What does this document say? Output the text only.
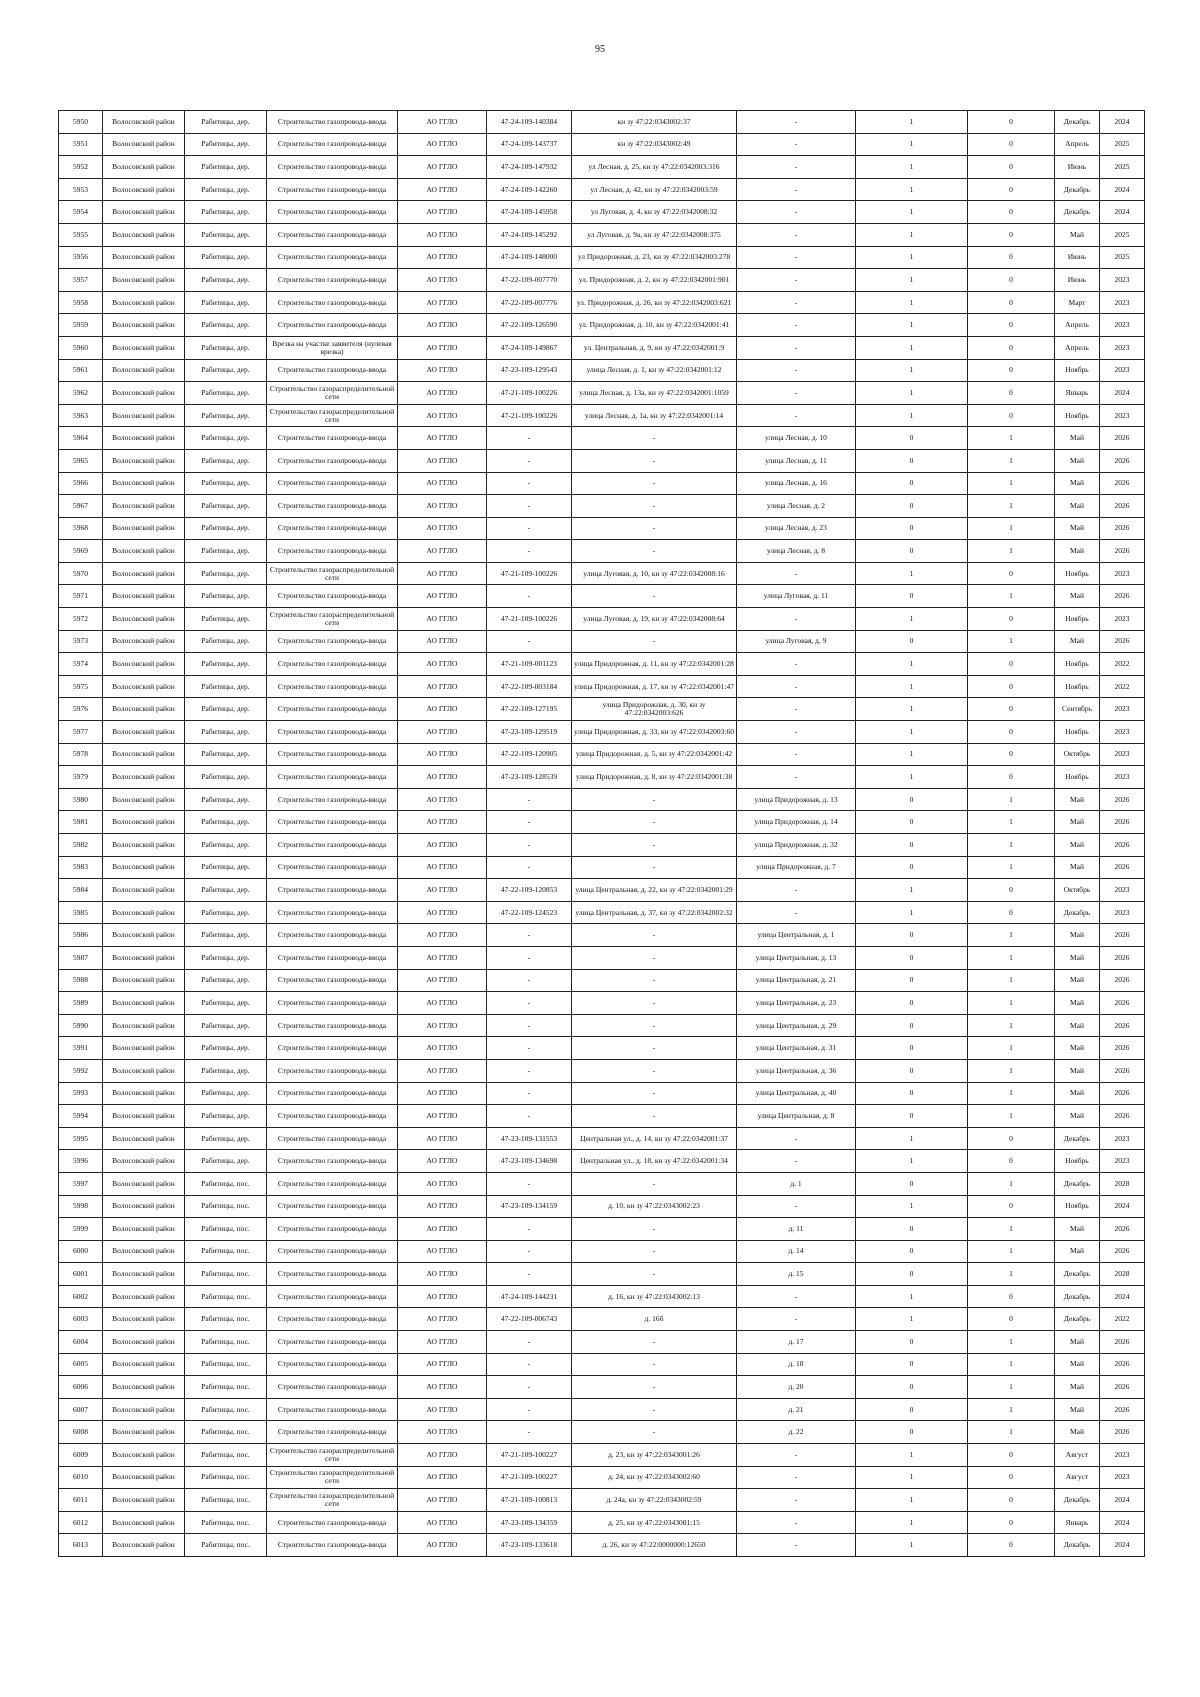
95
5950	Волосовский район	Рабитицы, дер.	Строительство газопровода-ввода	АО ГГЛО	47-24-109-140384	кн зу 47:22:0343002:37	-	1	0	Декабрь	2024
5951	Волосовский район	Рабитицы, дер.	Строительство газопровода-ввода	АО ГГЛО	47-24-109-143737	кн зу 47:22:0343002:49	-	1	0	Апрель	2025
5952	Волосовский район	Рабитицы, дер.	Строительство газопровода-ввода	АО ГГЛО	47-24-109-147932	ул Лесная, д. 25, кн зу 47:22:0342003:316	-	1	0	Июнь	2025
5953	Волосовский район	Рабитицы, дер.	Строительство газопровода-ввода	АО ГГЛО	47-24-109-142260	ул Лесная, д. 42, кн зу 47:22:0342003:59	-	1	0	Декабрь	2024
5954	Волосовский район	Рабитицы, дер.	Строительство газопровода-ввода	АО ГГЛО	47-24-109-145958	ул Луговая, д. 4, кн зу 47:22:0342008:32	-	1	0	Декабрь	2024
5955	Волосовский район	Рабитицы, дер.	Строительство газопровода-ввода	АО ГГЛО	47-24-109-145292	ул Луговая, д. 9а, кн зу 47:22:0342008:375	-	1	0	Май	2025
5956	Волосовский район	Рабитицы, дер.	Строительство газопровода-ввода	АО ГГЛО	47-24-109-148000	ул Придорожная, д. 23, кн зу 47:22:0342003:278	-	1	0	Июнь	2025
5957	Волосовский район	Рабитицы, дер.	Строительство газопровода-ввода	АО ГГЛО	47-22-109-007770	ул. Придорожная, д. 2, кн зу 47:22:0342001:901	-	1	0	Июнь	2023
5958	Волосовский район	Рабитицы, дер.	Строительство газопровода-ввода	АО ГГЛО	47-22-109-007776	ул. Придорожная, д. 26, кн зу 47:22:0342003:621	-	1	0	Март	2023
5959	Волосовский район	Рабитицы, дер.	Строительство газопровода-ввода	АО ГГЛО	47-22-109-126590	ул. Придорожная, д. 10, кн зу 47:22:0342001:41	-	1	0	Апрель	2023
5960	Волосовский район	Рабитицы, дер.	Врезка на участке заявителя (нулевая врезка)	АО ГГЛО	47-24-109-149867	ул. Центральная, д. 9, кн зу 47:22:0342001:9	-	1	0	Апрель	2023
5961	Волосовский район	Рабитицы, дер.	Строительство газопровода-ввода	АО ГГЛО	47-23-109-129543	улица Лесная, д. 1, кн зу 47:22:0342001:12	-	1	0	Ноябрь	2023
5962	Волосовский район	Рабитицы, дер.	Строительство газораспределительной сети	АО ГГЛО	47-21-109-100226	улица Лесная, д. 13а, кн зу 47:22:0342001:1059	-	1	0	Январь	2024
5963	Волосовский район	Рабитицы, дер.	Строительство газораспределительной сети	АО ГГЛО	47-21-109-100226	улица Лесная, д. 1а, кн зу 47:22:0342001:14	-	1	0	Ноябрь	2023
5964	Волосовский район	Рабитицы, дер.	Строительство газопровода-ввода	АО ГГЛО	-	-	улица Лесная, д. 10	0	1	Май	2026
5965	Волосовский район	Рабитицы, дер.	Строительство газопровода-ввода	АО ГГЛО	-	-	улица Лесная, д. 11	0	1	Май	2026
5966	Волосовский район	Рабитицы, дер.	Строительство газопровода-ввода	АО ГГЛО	-	-	улица Лесная, д. 16	0	1	Май	2026
5967	Волосовский район	Рабитицы, дер.	Строительство газопровода-ввода	АО ГГЛО	-	-	улица Лесная, д. 2	0	1	Май	2026
5968	Волосовский район	Рабитицы, дер.	Строительство газопровода-ввода	АО ГГЛО	-	-	улица Лесная, д. 23	0	1	Май	2026
5969	Волосовский район	Рабитицы, дер.	Строительство газопровода-ввода	АО ГГЛО	-	-	улица Лесная, д. 8	0	1	Май	2026
5970	Волосовский район	Рабитицы, дер.	Строительство газораспределительной сети	АО ГГЛО	47-21-109-100226	улица Луговая, д. 10, кн зу 47:22:0342008:16	-	1	0	Ноябрь	2023
5971	Волосовский район	Рабитицы, дер.	Строительство газопровода-ввода	АО ГГЛО	-	-	улица Луговая, д. 11	0	1	Май	2026
5972	Волосовский район	Рабитицы, дер.	Строительство газораспределительной сети	АО ГГЛО	47-21-109-100226	улица Луговая, д. 19, кн зу 47:22:0342008:64	-	1	0	Ноябрь	2023
5973	Волосовский район	Рабитицы, дер.	Строительство газопровода-ввода	АО ГГЛО	-	-	улица Луговая, д. 9	0	1	Май	2026
5974	Волосовский район	Рабитицы, дер.	Строительство газопровода-ввода	АО ГГЛО	47-21-109-001123	улица Придорожная, д. 11, кн зу 47:22:0342001:28	-	1	0	Ноябрь	2022
5975	Волосовский район	Рабитицы, дер.	Строительство газопровода-ввода	АО ГГЛО	47-22-109-003184	улица Придорожная, д. 17, кн зу 47:22:0342001:47	-	1	0	Ноябрь	2022
5976	Волосовский район	Рабитицы, дер.	Строительство газопровода-ввода	АО ГГЛО	47-22-109-127195	улица Придорожная, д. 30, кн зу 47:22:0342003:626	-	1	0	Сентябрь	2023
5977	Волосовский район	Рабитицы, дер.	Строительство газопровода-ввода	АО ГГЛО	47-23-109-129519	улица Придорожная, д. 33, кн зу 47:22:0342003:60	-	1	0	Ноябрь	2023
5978	Волосовский район	Рабитицы, дер.	Строительство газопровода-ввода	АО ГГЛО	47-22-109-120905	улица Придорожная, д. 5, кн зу 47:22:0342001:42	-	1	0	Октябрь	2023
5979	Волосовский район	Рабитицы, дер.	Строительство газопровода-ввода	АО ГГЛО	47-23-109-128539	улица Придорожная, д. 8, кн зу 47:22:0342001:38	-	1	0	Ноябрь	2023
5980	Волосовский район	Рабитицы, дер.	Строительство газопровода-ввода	АО ГГЛО	-	-	улица Придорожная, д. 13	0	1	Май	2026
5981	Волосовский район	Рабитицы, дер.	Строительство газопровода-ввода	АО ГГЛО	-	-	улица Придорожная, д. 14	0	1	Май	2026
5982	Волосовский район	Рабитицы, дер.	Строительство газопровода-ввода	АО ГГЛО	-	-	улица Придорожная, д. 32	0	1	Май	2026
5983	Волосовский район	Рабитицы, дер.	Строительство газопровода-ввода	АО ГГЛО	-	-	улица Придорожная, д. 7	0	1	Май	2026
5984	Волосовский район	Рабитицы, дер.	Строительство газопровода-ввода	АО ГГЛО	47-22-109-120853	улица Центральная, д. 22, кн зу 47:22:0342001:29	-	1	0	Октябрь	2023
5985	Волосовский район	Рабитицы, дер.	Строительство газопровода-ввода	АО ГГЛО	47-22-109-124523	улица Центральная, д. 37, кн зу 47:22:0342002:32	-	1	0	Декабрь	2023
5986	Волосовский район	Рабитицы, дер.	Строительство газопровода-ввода	АО ГГЛО	-	-	улица Центральная, д. 1	0	1	Май	2026
5987	Волосовский район	Рабитицы, дер.	Строительство газопровода-ввода	АО ГГЛО	-	-	улица Центральная, д. 13	0	1	Май	2026
5988	Волосовский район	Рабитицы, дер.	Строительство газопровода-ввода	АО ГГЛО	-	-	улица Центральная, д. 21	0	1	Май	2026
5989	Волосовский район	Рабитицы, дер.	Строительство газопровода-ввода	АО ГГЛО	-	-	улица Центральная, д. 23	0	1	Май	2026
5990	Волосовский район	Рабитицы, дер.	Строительство газопровода-ввода	АО ГГЛО	-	-	улица Центральная, д. 29	0	1	Май	2026
5991	Волосовский район	Рабитицы, дер.	Строительство газопровода-ввода	АО ГГЛО	-	-	улица Центральная, д. 31	0	1	Май	2026
5992	Волосовский район	Рабитицы, дер.	Строительство газопровода-ввода	АО ГГЛО	-	-	улица Центральная, д. 36	0	1	Май	2026
5993	Волосовский район	Рабитицы, дер.	Строительство газопровода-ввода	АО ГГЛО	-	-	улица Центральная, д. 40	0	1	Май	2026
5994	Волосовский район	Рабитицы, дер.	Строительство газопровода-ввода	АО ГГЛО	-	-	улица Центральная, д. 8	0	1	Май	2026
5995	Волосовский район	Рабитицы, дер.	Строительство газопровода-ввода	АО ГГЛО	47-23-109-131553	Центральная ул., д. 14, кн зу 47:22:0342001:37	-	1	0	Декабрь	2023
5996	Волосовский район	Рабитицы, дер.	Строительство газопровода-ввода	АО ГГЛО	47-23-109-134698	Центральная ул., д. 18, кн зу 47:22:0342001:34	-	1	0	Ноябрь	2023
5997	Волосовский район	Рабитицы, пос.	Строительство газопровода-ввода	АО ГГЛО	-	-	д. 1	0	1	Декабрь	2028
5998	Волосовский район	Рабитицы, пос.	Строительство газопровода-ввода	АО ГГЛО	47-23-109-134159	д. 10, кн зу 47:22:0343002:23	-	1	0	Ноябрь	2024
5999	Волосовский район	Рабитицы, пос.	Строительство газопровода-ввода	АО ГГЛО	-	-	д. 11	0	1	Май	2026
6000	Волосовский район	Рабитицы, пос.	Строительство газопровода-ввода	АО ГГЛО	-	-	д. 14	0	1	Май	2026
6001	Волосовский район	Рабитицы, пос.	Строительство газопровода-ввода	АО ГГЛО	-	-	д. 15	0	1	Декабрь	2028
6002	Волосовский район	Рабитицы, пос.	Строительство газопровода-ввода	АО ГГЛО	47-24-109-144231	д. 16, кн зу 47:22:0343002:13	-	1	0	Декабрь	2024
6003	Волосовский район	Рабитицы, пос.	Строительство газопровода-ввода	АО ГГЛО	47-22-109-006743	д. 16б	-	1	0	Декабрь	2022
6004	Волосовский район	Рабитицы, пос.	Строительство газопровода-ввода	АО ГГЛО	-	-	д. 17	0	1	Май	2026
6005	Волосовский район	Рабитицы, пос.	Строительство газопровода-ввода	АО ГГЛО	-	-	д. 18	0	1	Май	2026
6006	Волосовский район	Рабитицы, пос.	Строительство газопровода-ввода	АО ГГЛО	-	-	д. 20	0	1	Май	2026
6007	Волосовский район	Рабитицы, пос.	Строительство газопровода-ввода	АО ГГЛО	-	-	д. 21	0	1	Май	2026
6008	Волосовский район	Рабитицы, пос.	Строительство газопровода-ввода	АО ГГЛО	-	-	д. 22	0	1	Май	2026
6009	Волосовский район	Рабитицы, пос.	Строительство газораспределительной сети	АО ГГЛО	47-21-109-100227	д. 23, кн зу 47:22:0343001:26	-	1	0	Август	2023
6010	Волосовский район	Рабитицы, пос.	Строительство газораспределительной сети	АО ГГЛО	47-21-109-100227	д. 24, кн зу 47:22:0343002:60	-	1	0	Август	2023
6011	Волосовский район	Рабитицы, пос.	Строительство газораспределительной сети	АО ГГЛО	47-21-109-100813	д. 24а, кн зу 47:22:0343002:59	-	1	0	Декабрь	2024
6012	Волосовский район	Рабитицы, пос.	Строительство газопровода-ввода	АО ГГЛО	47-23-109-134359	д. 25, кн зу 47:22:0343001:15	-	1	0	Январь	2024
6013	Волосовский район	Рабитицы, пос.	Строительство газопровода-ввода	АО ГГЛО	47-23-109-133618	д. 26, кн зу 47:22:0000000:12650	-	1	0	Декабрь	2024
